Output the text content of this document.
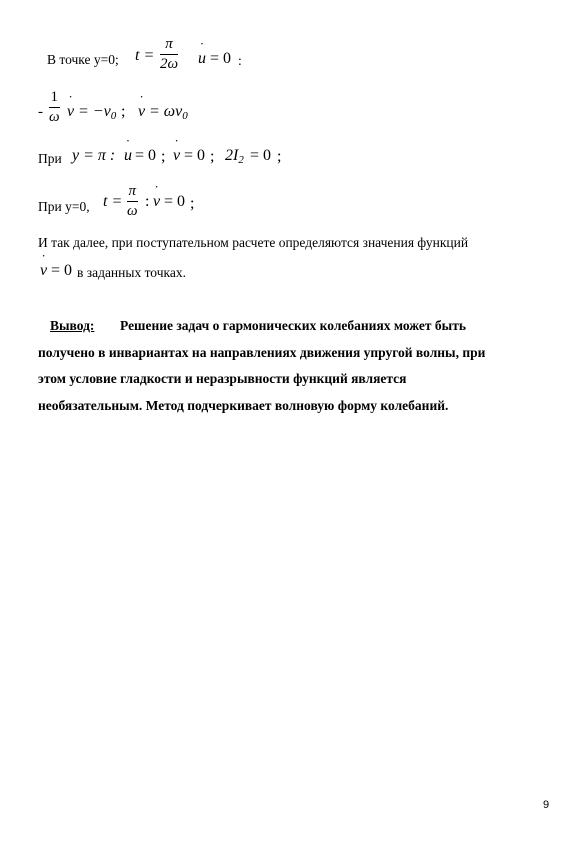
В точке y=0; t =
π
2ω ˙ u = 0 :
-
1
ω ˙ $v = -v_0$ ; ˙ $v = \omega v_0$
При y = π : ˙ u = 0 ; ˙ v = 0 ; $2I_2 = 0$ ;
При y=0, t =
π
ω
: ˙ v = 0 ;
И так далее, при поступательном расчете определяются значения функций
˙ v = 0 в заданных точках.
Вывод: Решение задач о гармонических колебаниях может быть
получено в инвариантах на направлениях движения упругой волны, при
этом условие гладкости и неразрывности функций является
необязательным. Метод подчеркивает волновую форму колебаний.
9
